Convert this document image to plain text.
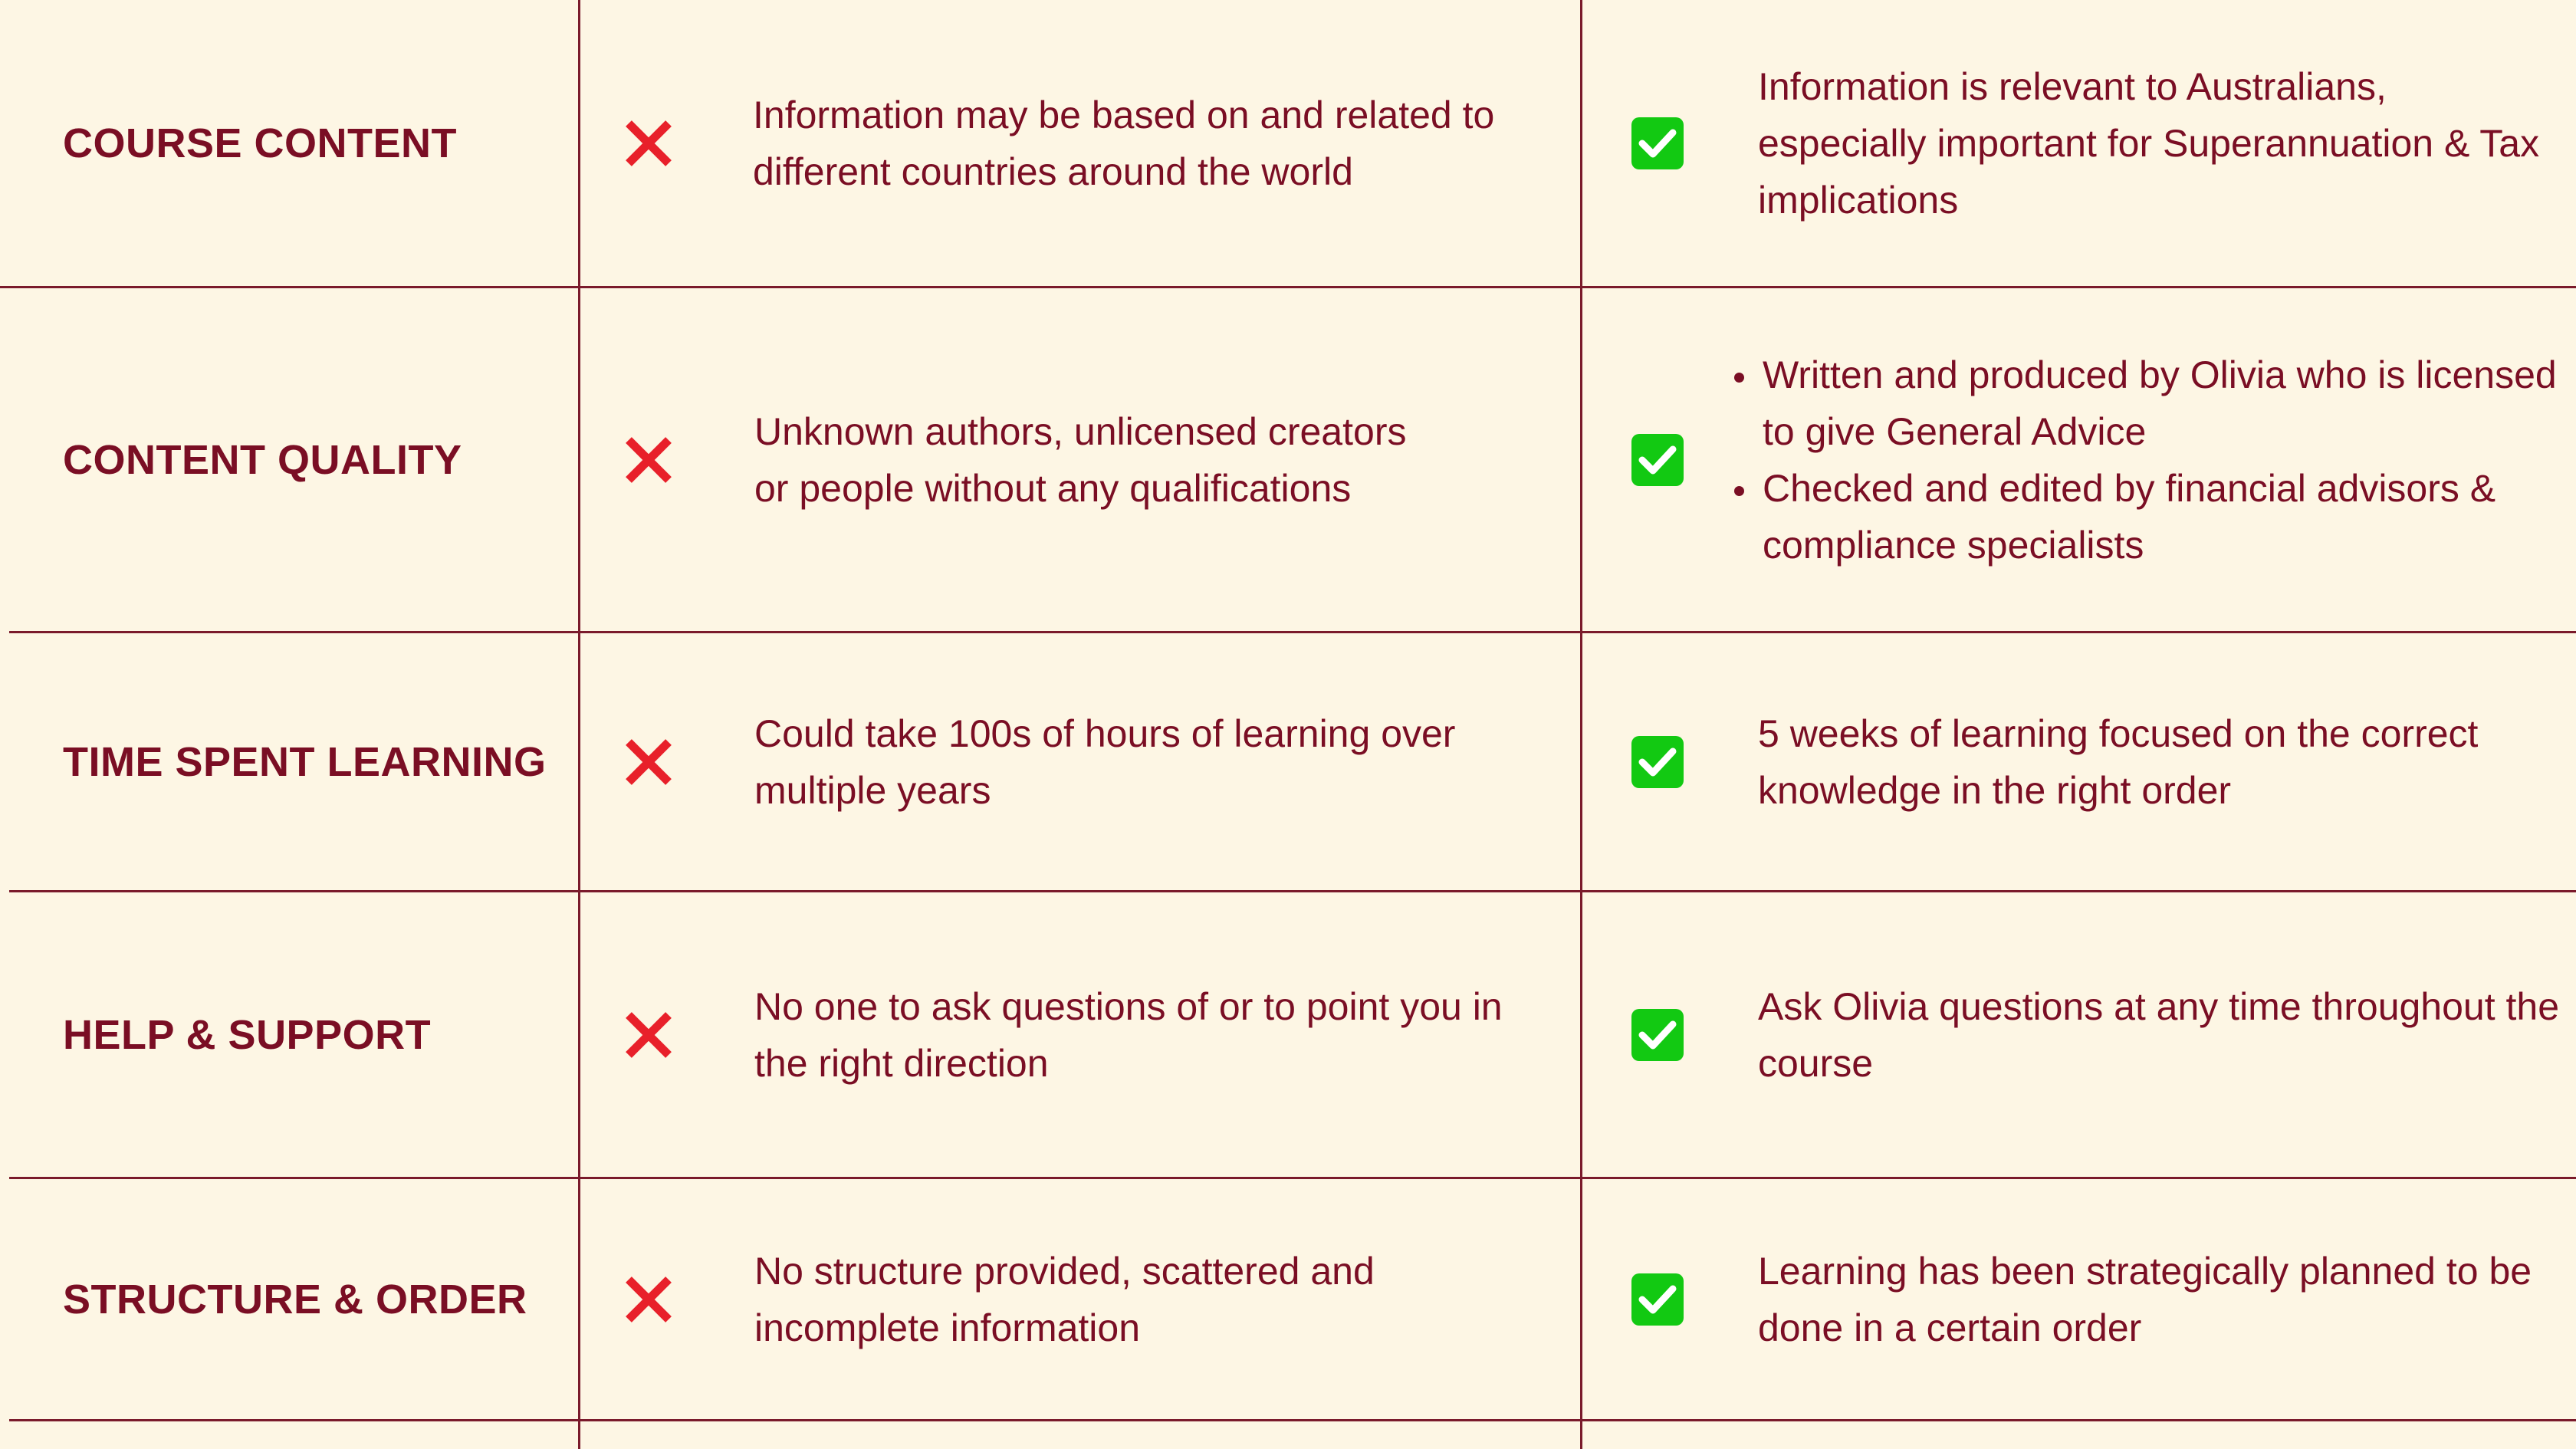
COURSE CONTENT
Information may be based on and related to different countries around the world
Information is relevant to Australians, especially important for Superannuation & Tax implications
CONTENT QUALITY
Unknown authors, unlicensed creators or people without any qualifications
• Written and produced by Olivia who is licensed to give General Advice
• Checked and edited by financial advisors & compliance specialists
TIME SPENT LEARNING
Could take 100s of hours of learning over multiple years
5 weeks of learning focused on the correct knowledge in the right order
HELP & SUPPORT
No one to ask questions of or to point you in the right direction
Ask Olivia questions at any time throughout the course
STRUCTURE & ORDER
No structure provided, scattered and incomplete information
Learning has been strategically planned to be done in a certain order
